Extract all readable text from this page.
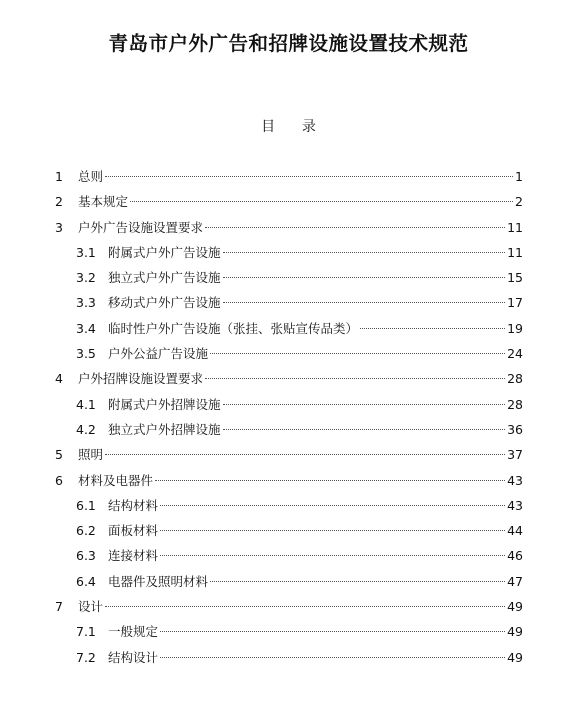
青岛市户外广告和招牌设施设置技术规范
目      录
1	总则	1
2	基本规定	2
3	户外广告设施设置要求	11
3.1 附属式户外广告设施	11
3.2 独立式户外广告设施	15
3.3 移动式户外广告设施	17
3.4 临时性户外广告设施（张挂、张贴宣传品类）	19
3.5 户外公益广告设施	24
4	户外招牌设施设置要求	28
4.1 附属式户外招牌设施	28
4.2 独立式户外招牌设施	36
5	照明	37
6	材料及电器件	43
6.1 结构材料	43
6.2 面板材料	44
6.3 连接材料	46
6.4 电器件及照明材料	47
7	设计	49
7.1 一般规定	49
7.2 结构设计	49
